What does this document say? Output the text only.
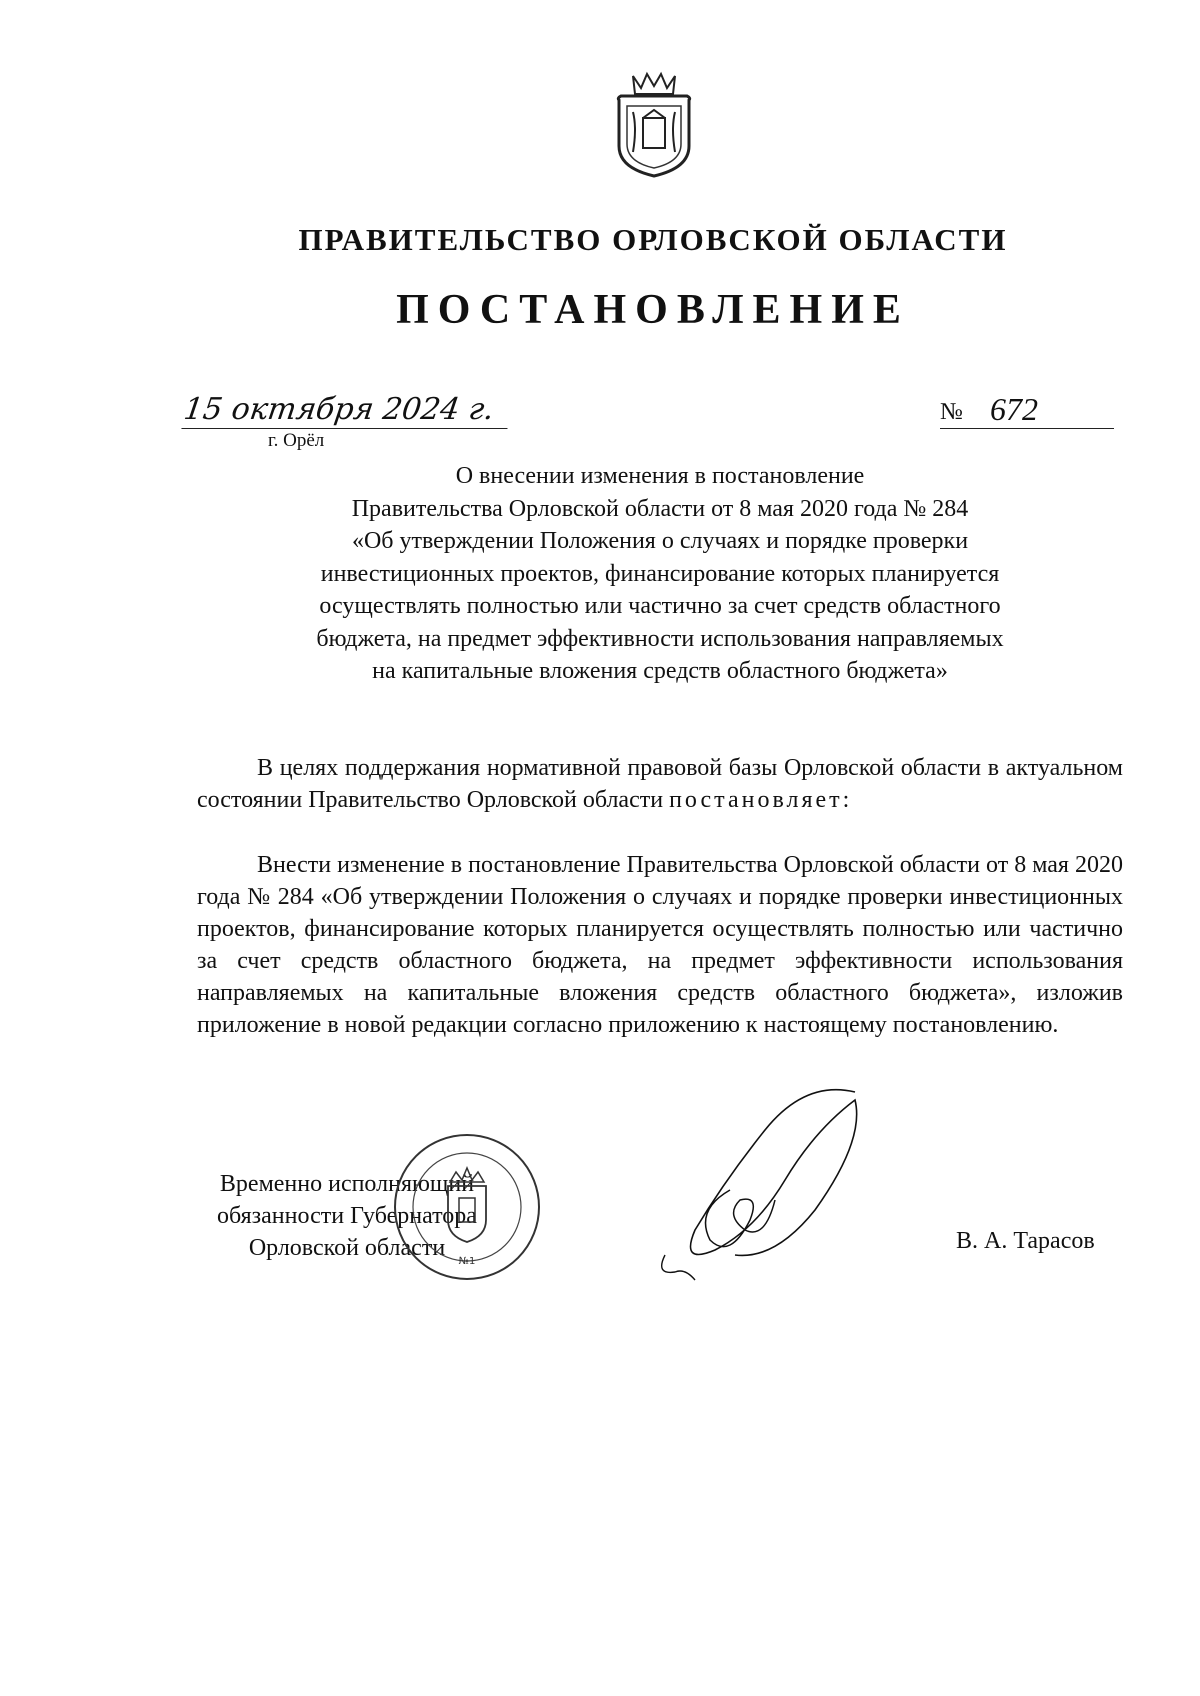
ПРАВИТЕЛЬСТВО ОРЛОВСКОЙ ОБЛАСТИ
ПОСТАНОВЛЕНИЕ
15 октября 2024 г.
г. Орёл
№ 672
О внесении изменения в постановление
Правительства Орловской области от 8 мая 2020 года № 284
«Об утверждении Положения о случаях и порядке проверки
инвестиционных проектов, финансирование которых планируется
осуществлять полностью или частично за счет средств областного
бюджета, на предмет эффективности использования направляемых
на капитальные вложения средств областного бюджета»

В целях поддержания нормативной правовой базы Орловской области в актуальном состоянии Правительство Орловской области постановляет:

Внести изменение в постановление Правительства Орловской области от 8 мая 2020 года № 284 «Об утверждении Положения о случаях и порядке проверки инвестиционных проектов, финансирование которых планируется осуществлять полностью или частично за счет средств областного бюджета, на предмет эффективности использования направляемых на капитальные вложения средств областного бюджета», изложив приложение в новой редакции согласно приложению к настоящему постановлению.

Временно исполняющий
обязанности Губернатора
Орловской области
№1
В. А. Тарасов
